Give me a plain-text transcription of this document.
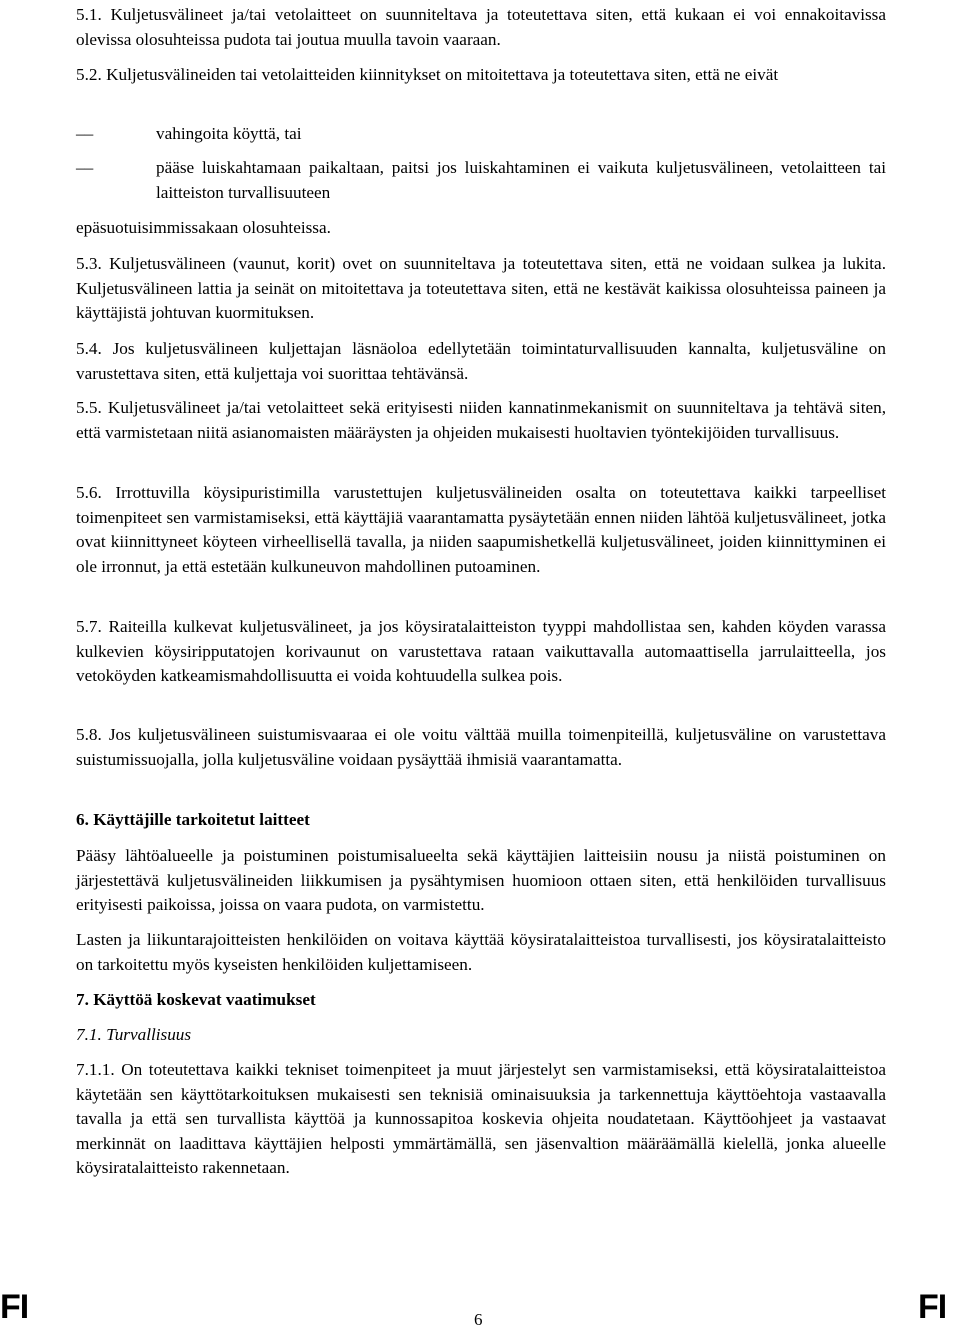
5.1. Kuljetusvälineet ja/tai vetolaitteet on suunniteltava ja toteutettava siten, että kukaan ei voi ennakoitavissa olevissa olosuhteissa pudota tai joutua muulla tavoin vaaraan.

5.2. Kuljetusvälineiden tai vetolaitteiden kiinnitykset on mitoitettava ja toteutettava siten, että ne eivät

––	vahingoita köyttä, tai
––	pääse luiskahtamaan paikaltaan, paitsi jos luiskahtaminen ei vaikuta kuljetusvälineen, vetolaitteen tai laitteiston turvallisuuteen

epäsuotuisimmissakaan olosuhteissa.

5.3. Kuljetusvälineen (vaunut, korit) ovet on suunniteltava ja toteutettava siten, että ne voidaan sulkea ja lukita. Kuljetusvälineen lattia ja seinät on mitoitettava ja toteutettava siten, että ne kestävät kaikissa olosuhteissa paineen ja käyttäjistä johtuvan kuormituksen.

5.4. Jos kuljetusvälineen kuljettajan läsnäoloa edellytetään toimintaturvallisuuden kannalta, kuljetusväline on varustettava siten, että kuljettaja voi suorittaa tehtävänsä.

5.5. Kuljetusvälineet ja/tai vetolaitteet sekä erityisesti niiden kannatinmekanismit on suunniteltava ja tehtävä siten, että varmistetaan niitä asianomaisten määräysten ja ohjeiden mukaisesti huoltavien työntekijöiden turvallisuus.

5.6. Irrottuvilla köysipuristimilla varustettujen kuljetusvälineiden osalta on toteutettava kaikki tarpeelliset toimenpiteet sen varmistamiseksi, että käyttäjiä vaarantamatta pysäytetään ennen niiden lähtöä kuljetusvälineet, jotka ovat kiinnittyneet köyteen virheellisellä tavalla, ja niiden saapumishetkellä kuljetusvälineet, joiden kiinnittyminen ei ole irronnut, ja että estetään kulkuneuvon mahdollinen putoaminen.

5.7. Raiteilla kulkevat kuljetusvälineet, ja jos köysiratalaitteiston tyyppi mahdollistaa sen, kahden köyden varassa kulkevien köysiripputatojen korivaunut on varustettava rataan vaikuttavalla automaattisella jarrulaitteella, jos vetoköyden katkeamismahdollisuutta ei voida kohtuudella sulkea pois.

5.8. Jos kuljetusvälineen suistumisvaaraa ei ole voitu välttää muilla toimenpiteillä, kuljetusväline on varustettava suistumissuojalla, jolla kuljetusväline voidaan pysäyttää ihmisiä vaarantamatta.

6. Käyttäjille tarkoitetut laitteet

Pääsy lähtöalueelle ja poistuminen poistumisalueelta sekä käyttäjien laitteisiin nousu ja niistä poistuminen on järjestettävä kuljetusvälineiden liikkumisen ja pysähtymisen huomioon ottaen siten, että henkilöiden turvallisuus erityisesti paikoissa, joissa on vaara pudota, on varmistettu.

Lasten ja liikuntarajoitteisten henkilöiden on voitava käyttää köysiratalaitteistoa turvallisesti, jos köysiratalaitteisto on tarkoitettu myös kyseisten henkilöiden kuljettamiseen.

7. Käyttöä koskevat vaatimukset

7.1. Turvallisuus

7.1.1. On toteutettava kaikki tekniset toimenpiteet ja muut järjestelyt sen varmistamiseksi, että köysiratalaitteistoa käytetään sen käyttötarkoituksen mukaisesti sen teknisiä ominaisuuksia ja tarkennettuja käyttöehtoja vastaavalla tavalla ja että sen turvallista käyttöä ja kunnossapitoa koskevia ohjeita noudatetaan. Käyttöohjeet ja vastaavat merkinnät on laadittava käyttäjien helposti ymmärtämällä, sen jäsenvaltion määräämällä kielellä, jonka alueelle köysiratalaitteisto rakennetaan.

FI	6	FI
